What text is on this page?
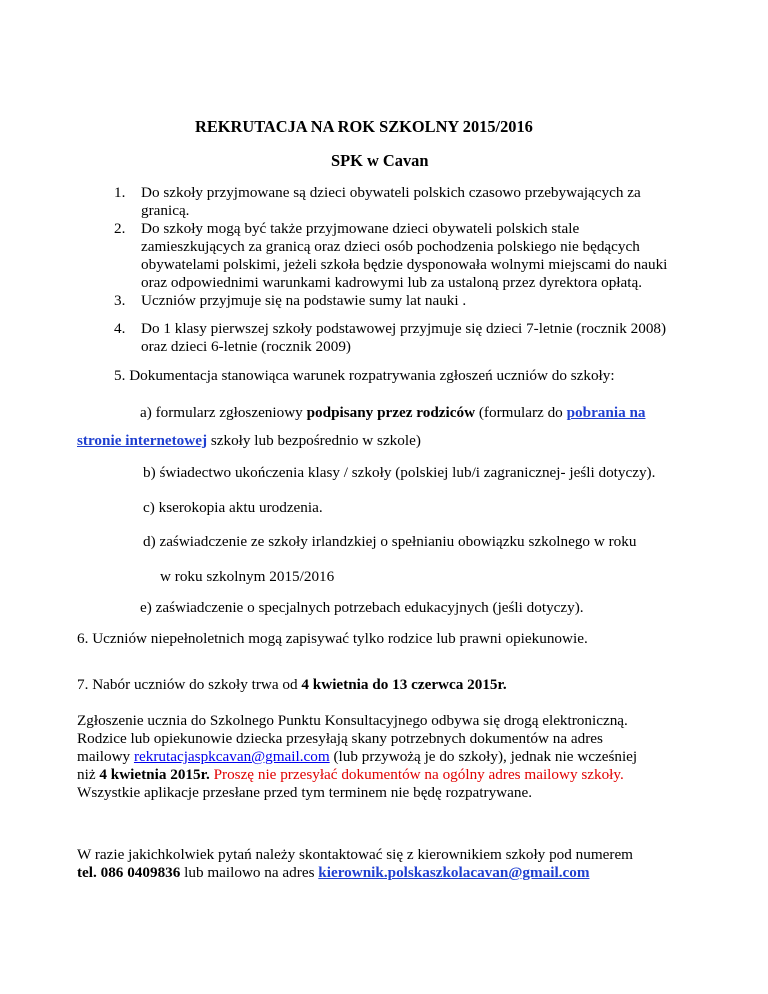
REKRUTACJA NA ROK SZKOLNY 2015/2016
SPK w Cavan
1. Do szkoły przyjmowane są dzieci obywateli polskich czasowo przebywających za
granicą.
2. Do szkoły mogą być także przyjmowane dzieci obywateli polskich stale
zamieszkujących za granicą oraz dzieci osób pochodzenia polskiego nie będących
obywatelami polskimi, jeżeli szkoła będzie dysponowała wolnymi miejscami do nauki
oraz odpowiednimi warunkami kadrowymi lub za ustaloną przez dyrektora opłatą.
3. Uczniów przyjmuje się na podstawie sumy lat nauki .
4. Do 1 klasy pierwszej szkoły podstawowej przyjmuje się dzieci 7-letnie (rocznik 2008)
oraz dzieci 6-letnie (rocznik 2009)
5. Dokumentacja stanowiąca warunek rozpatrywania zgłoszeń uczniów do szkoły:
a) formularz zgłoszeniowy podpisany przez rodziców (formularz do pobrania na
stronie internetowej szkoły lub bezpośrednio w szkole)
b) świadectwo ukończenia klasy / szkoły (polskiej lub/i zagranicznej- jeśli dotyczy).
c) kserokopia aktu urodzenia.
d) zaświadczenie ze szkoły irlandzkiej o spełnianiu obowiązku szkolnego w roku
w roku szkolnym 2015/2016
e) zaświadczenie o specjalnych potrzebach edukacyjnych (jeśli dotyczy).
6. Uczniów niepełnoletnich mogą zapisywać tylko rodzice lub prawni opiekunowie.
7. Nabór uczniów do szkoły trwa od 4 kwietnia do 13 czerwca 2015r.
Zgłoszenie ucznia do Szkolnego Punktu Konsultacyjnego odbywa się drogą elektroniczną.
Rodzice lub opiekunowie dziecka przesyłają skany potrzebnych dokumentów na adres
mailowy rekrutacjaspkcavan@gmail.com (lub przywożą je do szkoły), jednak nie wcześniej
niż 4 kwietnia 2015r. Proszę nie przesyłać dokumentów na ogólny adres mailowy szkoły.
Wszystkie aplikacje przesłane przed tym terminem nie będę rozpatrywane.
W razie jakichkolwiek pytań należy skontaktować się z kierownikiem szkoły pod numerem
tel. 086 0409836 lub mailowo na adres kierownik.polskaszkolacavan@gmail.com
